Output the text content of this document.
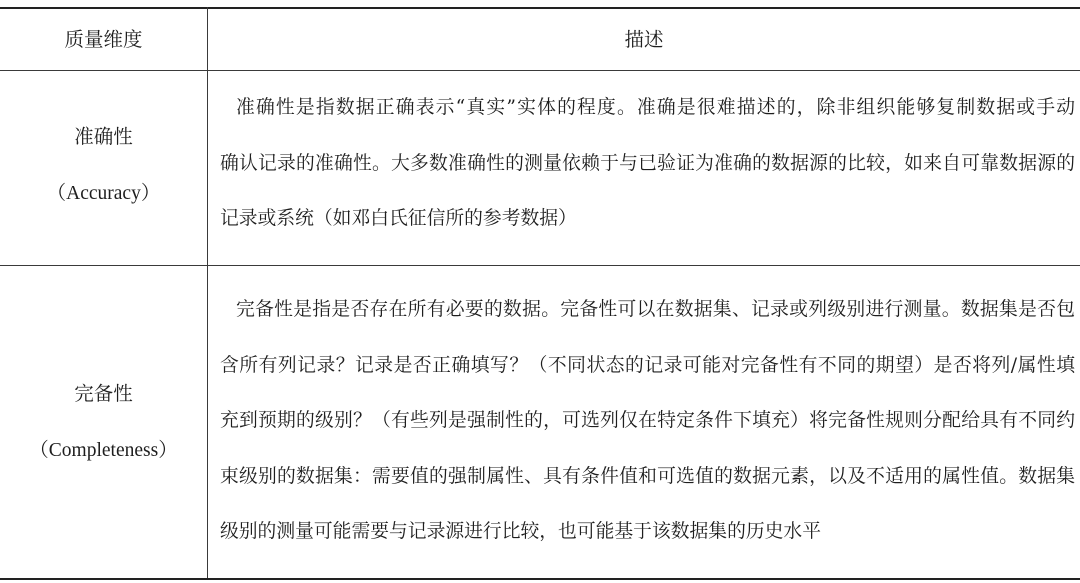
质量维度	描述
准确性
（Accuracy）
准确性是指数据正确表示“真实”实体的程度。准确是很难描述的，除非组织能够复制数据或手动
确认记录的准确性。大多数准确性的测量依赖于与已验证为准确的数据源的比较，如来自可靠数据源的
记录或系统（如邓白氏征信所的参考数据）
完备性
（Completeness）
完备性是指是否存在所有必要的数据。完备性可以在数据集、记录或列级别进行测量。数据集是否包
含所有列记录？记录是否正确填写？（不同状态的记录可能对完备性有不同的期望）是否将列/属性填
充到预期的级别？（有些列是强制性的，可选列仅在特定条件下填充）将完备性规则分配给具有不同约
束级别的数据集：需要值的强制属性、具有条件值和可选值的数据元素，以及不适用的属性值。数据集
级别的测量可能需要与记录源进行比较，也可能基于该数据集的历史水平
